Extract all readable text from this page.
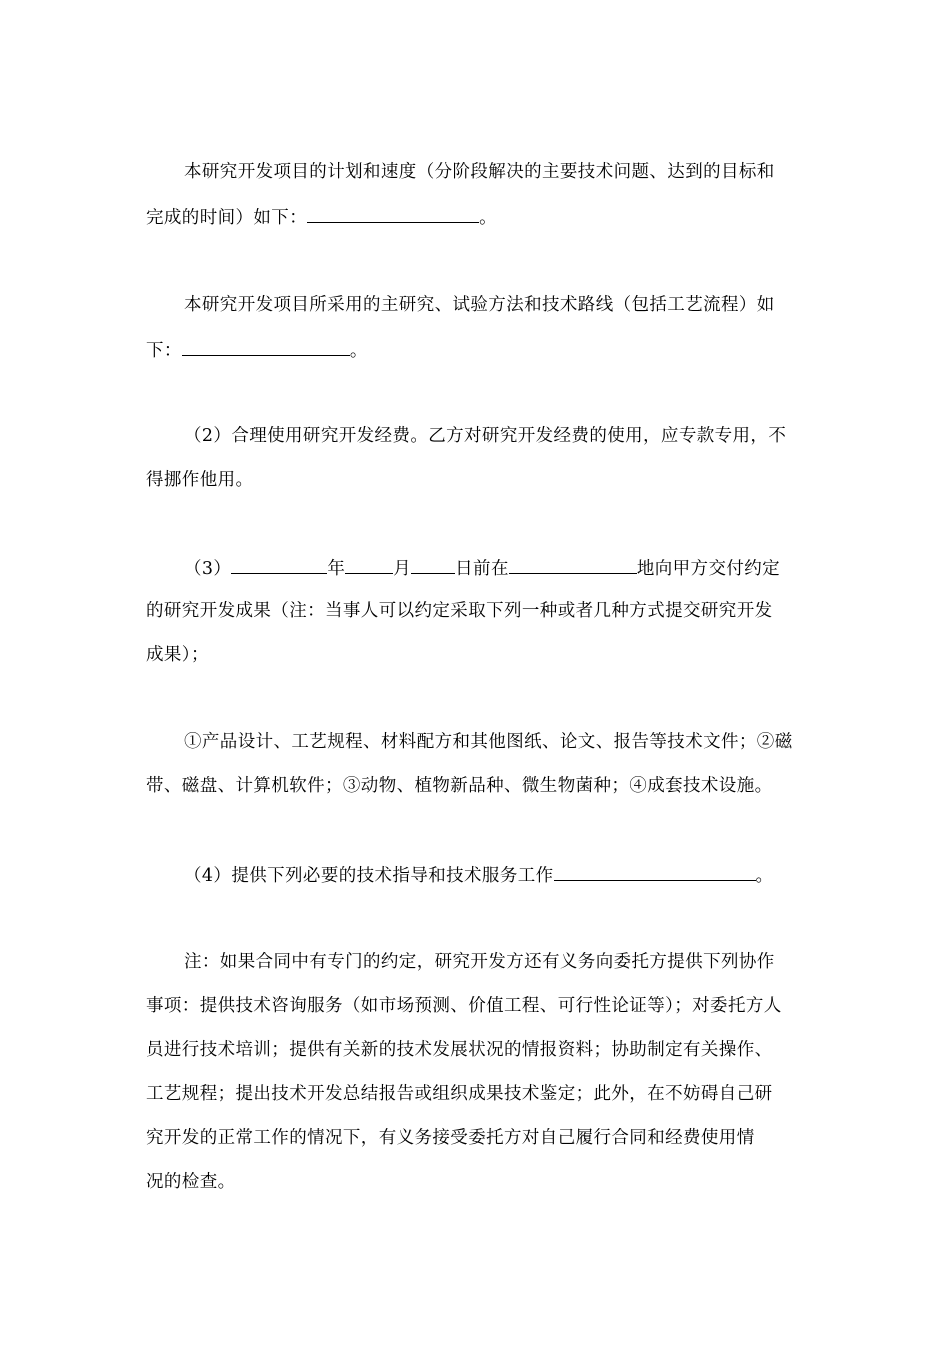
本研究开发项目的计划和速度（分阶段解决的主要技术问题、达到的目标和
完成的时间）如下：	。
本研究开发项目所采用的主研究、试验方法和技术路线（包括工艺流程）如
下：	。
（2）合理使用研究开发经费。乙方对研究开发经费的使用，应专款专用，不
得挪作他用。
（3）	年	月	日前在	地向甲方交付约定
的研究开发成果（注：当事人可以约定采取下列一种或者几种方式提交研究开发
成果）；
①产品设计、工艺规程、材料配方和其他图纸、论文、报告等技术文件；②磁
带、磁盘、计算机软件；③动物、植物新品种、微生物菌种；④成套技术设施。
（4）提供下列必要的技术指导和技术服务工作	。
注：如果合同中有专门的约定，研究开发方还有义务向委托方提供下列协作
事项：提供技术咨询服务（如市场预测、价值工程、可行性论证等）；对委托方人
员进行技术培训；提供有关新的技术发展状况的情报资料；协助制定有关操作、
工艺规程；提出技术开发总结报告或组织成果技术鉴定；此外，在不妨碍自己研
究开发的正常工作的情况下，有义务接受委托方对自己履行合同和经费使用情
况的检查。
